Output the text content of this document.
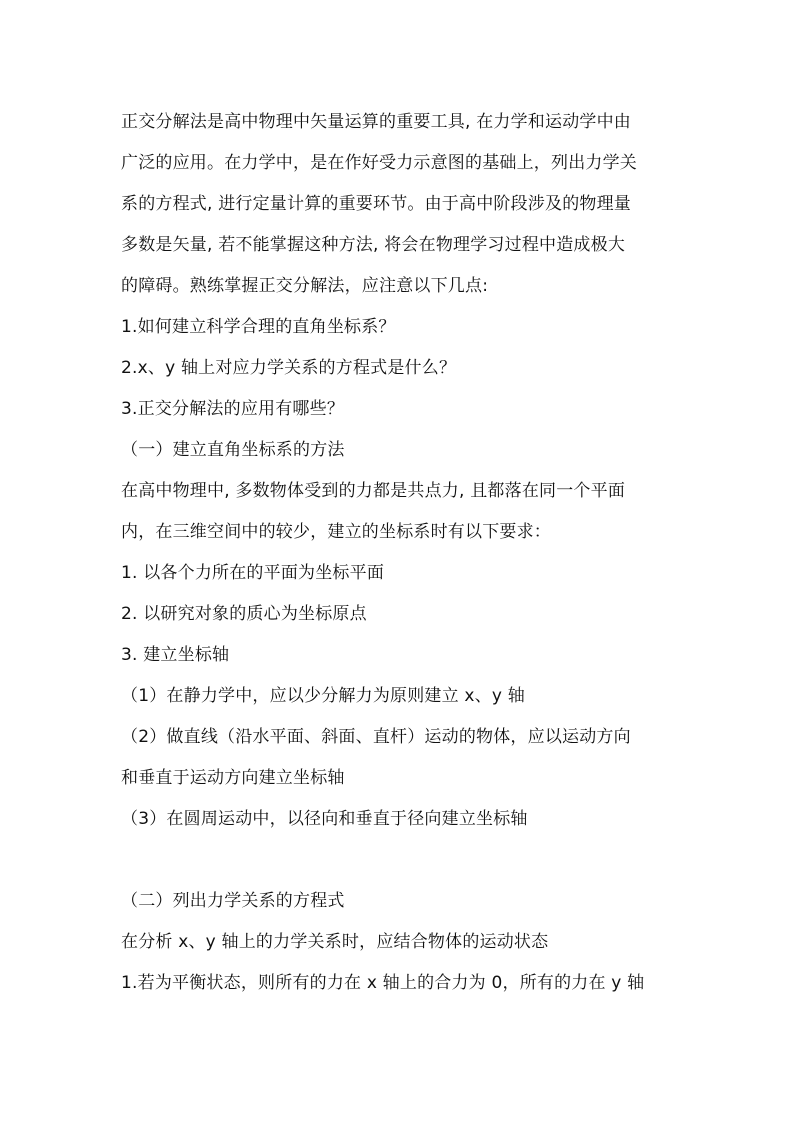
正交分解法是高中物理中矢量运算的重要工具, 在力学和运动学中由
广泛的应用。在力学中，是在作好受力示意图的基础上，列出力学关
系的方程式, 进行定量计算的重要环节。由于高中阶段涉及的物理量
多数是矢量, 若不能掌握这种方法, 将会在物理学习过程中造成极大
的障碍。熟练掌握正交分解法，应注意以下几点:
1.如何建立科学合理的直角坐标系？
2.x、y 轴上对应力学关系的方程式是什么？
3.正交分解法的应用有哪些？
（一）建立直角坐标系的方法
在高中物理中, 多数物体受到的力都是共点力, 且都落在同一个平面
内，在三维空间中的较少，建立的坐标系时有以下要求：
1. 以各个力所在的平面为坐标平面
2. 以研究对象的质心为坐标原点
3. 建立坐标轴
（1）在静力学中，应以少分解力为原则建立 x、y 轴
（2）做直线（沿水平面、斜面、直杆）运动的物体，应以运动方向
和垂直于运动方向建立坐标轴
（3）在圆周运动中，以径向和垂直于径向建立坐标轴
（二）列出力学关系的方程式
在分析 x、y 轴上的力学关系时，应结合物体的运动状态
1.若为平衡状态，则所有的力在 x 轴上的合力为 0，所有的力在 y 轴
